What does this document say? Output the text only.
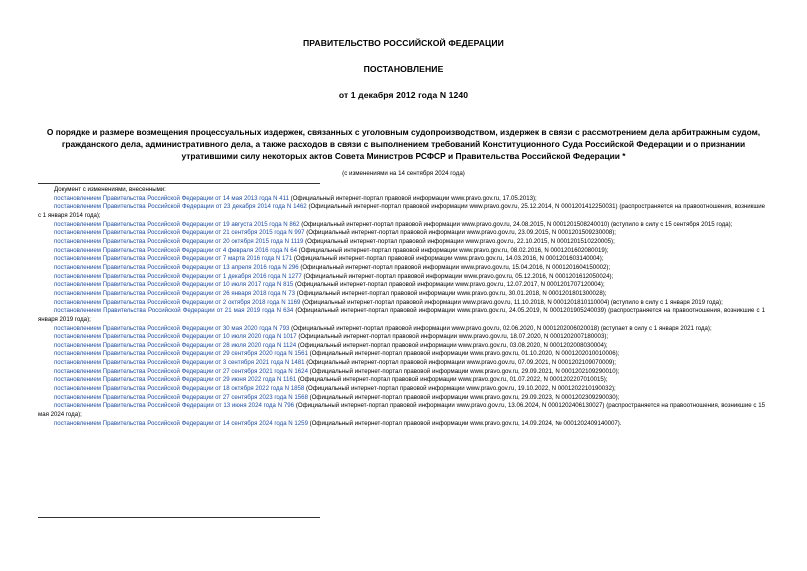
ПРАВИТЕЛЬСТВО РОССИЙСКОЙ ФЕДЕРАЦИИ
ПОСТАНОВЛЕНИЕ
от 1 декабря 2012 года N 1240
О порядке и размере возмещения процессуальных издержек, связанных с уголовным судопроизводством, издержек в связи с рассмотрением дела арбитражным судом, гражданского дела, административного дела, а также расходов в связи с выполнением требований Конституционного Суда Российской Федерации и о признании утратившими силу некоторых актов Совета Министров РСФСР и Правительства Российской Федерации *
(с изменениями на 14 сентября 2024 года)

Документ с изменениями, внесенными:

постановлением Правительства Российской Федерации от 14 мая 2013 года N 411 (Официальный интернет-портал правовой информации www.pravo.gov.ru, 17.05.2013);

постановлением Правительства Российской Федерации от 23 декабря 2014 года N 1462 (Официальный интернет-портал правовой информации www.pravo.gov.ru, 25.12.2014, N 0001201412250031) (распространяется на правоотношения, возникшие с 1 января 2014 года);

постановлением Правительства Российской Федерации от 19 августа 2015 года N 862 (Официальный интернет-портал правовой информации www.pravo.gov.ru, 24.08.2015, N 0001201508240010) (вступило в силу с 15 сентября 2015 года);

постановлением Правительства Российской Федерации от 21 сентября 2015 года N 997 (Официальный интернет-портал правовой информации www.pravo.gov.ru, 23.09.2015, N 0001201509230008);

постановлением Правительства Российской Федерации от 20 октября 2015 года N 1119 (Официальный интернет-портал правовой информации www.pravo.gov.ru, 22.10.2015, N 0001201510220005);

постановлением Правительства Российской Федерации от 4 февраля 2016 года N 64 (Официальный интернет-портал правовой информации www.pravo.gov.ru, 08.02.2016, N 0001201602080019);

постановлением Правительства Российской Федерации от 7 марта 2016 года N 171 (Официальный интернет-портал правовой информации www.pravo.gov.ru, 14.03.2016, N 0001201603140004);

постановлением Правительства Российской Федерации от 13 апреля 2016 года N 296 (Официальный интернет-портал правовой информации www.pravo.gov.ru, 15.04.2016, N 0001201604150002);

постановлением Правительства Российской Федерации от 1 декабря 2016 года N 1277 (Официальный интернет-портал правовой информации www.pravo.gov.ru, 05.12.2016, N 0001201612050024);

постановлением Правительства Российской Федерации от 10 июля 2017 года N 815 (Официальный интернет-портал правовой информации www.pravo.gov.ru, 12.07.2017, N 0001201707120004);

постановлением Правительства Российской Федерации от 26 января 2018 года N 73 (Официальный интернет-портал правовой информации www.pravo.gov.ru, 30.01.2018, N 0001201801300028);

постановлением Правительства Российской Федерации от 2 октября 2018 года N 1169 (Официальный интернет-портал правовой информации www.pravo.gov.ru, 11.10.2018, N 0001201810110004) (вступило в силу с 1 января 2019 года);

постановлением Правительства Российской Федерации от 21 мая 2019 года N 634 (Официальный интернет-портал правовой информации www.pravo.gov.ru, 24.05.2019, N 0001201905240039) (распространяется на правоотношения, возникшие с 1 января 2019 года);

постановлением Правительства Российской Федерации от 30 мая 2020 года N 793 (Официальный интернет-портал правовой информации www.pravo.gov.ru, 02.06.2020, N 0001202006020018) (вступает в силу с 1 января 2021 года);

постановлением Правительства Российской Федерации от 10 июля 2020 года N 1017 (Официальный интернет-портал правовой информации www.pravo.gov.ru, 18.07.2020, N 0001202007180003);

постановлением Правительства Российской Федерации от 28 июля 2020 года N 1124 (Официальный интернет-портал правовой информации www.pravo.gov.ru, 03.08.2020, N 0001202008030004);

постановлением Правительства Российской Федерации от 29 сентября 2020 года N 1561 (Официальный интернет-портал правовой информации www.pravo.gov.ru, 01.10.2020, N 0001202010010006);

постановлением Правительства Российской Федерации от 3 сентября 2021 года N 1481 (Официальный интернет-портал правовой информации www.pravo.gov.ru, 07.09.2021, N 0001202109070009);

постановлением Правительства Российской Федерации от 27 сентября 2021 года N 1624 (Официальный интернет-портал правовой информации www.pravo.gov.ru, 29.09.2021, N 0001202109290010);

постановлением Правительства Российской Федерации от 29 июня 2022 года N 1161 (Официальный интернет-портал правовой информации www.pravo.gov.ru, 01.07.2022, N 0001202207010015);

постановлением Правительства Российской Федерации от 18 октября 2022 года N 1858 (Официальный интернет-портал правовой информации www.pravo.gov.ru, 19.10.2022, N 0001202210190032);

постановлением Правительства Российской Федерации от 27 сентября 2023 года N 1568 (Официальный интернет-портал правовой информации www.pravo.gov.ru, 29.09.2023, N 0001202309290030);

постановлением Правительства Российской Федерации от 13 июня 2024 года N 796 (Официальный интернет-портал правовой информации www.pravo.gov.ru, 13.06.2024, N 0001202406130027) (распространяется на правоотношения, возникшие с 15 мая 2024 года);

постановлением Правительства Российской Федерации от 14 сентября 2024 года N 1259 (Официальный интернет-портал правовой информации www.pravo.gov.ru, 14.09.2024, № 0001202409140007).
